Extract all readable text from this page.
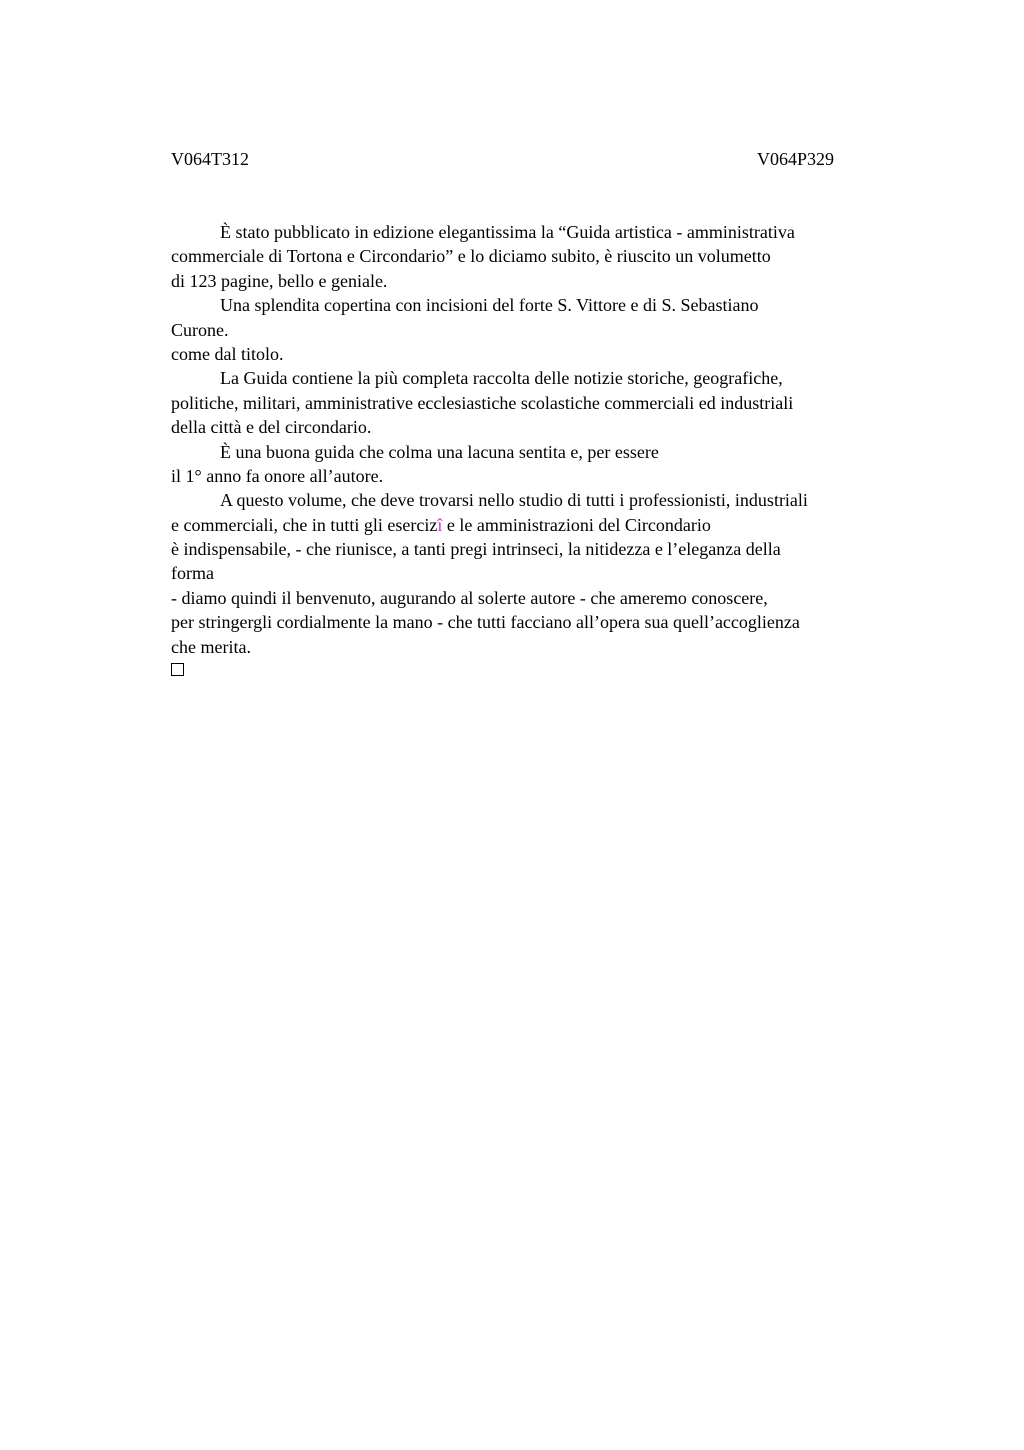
V064T312	V064P329
È stato pubblicato in edizione elegantissima la “Guida artistica - amministrativa
commerciale di Tortona e Circondario” e lo diciamo subito, è riuscito un volumetto
di 123 pagine, bello e geniale.
Una splendita copertina con incisioni del forte S. Vittore e di S. Sebastiano
Curone.
come dal titolo.
La Guida contiene la più completa raccolta delle notizie storiche, geografiche,
politiche, militari, amministrative ecclesiastiche scolastiche commerciali ed industriali
della città e del circondario.
È una buona guida che colma una lacuna sentita e, per essere
il 1° anno fa onore all’autore.
A questo volume, che deve trovarsi nello studio di tutti i professionisti, industriali
e commerciali, che in tutti gli esercizî e le amministrazioni del Circondario
è indispensabile, - che riunisce, a tanti pregi intrinseci, la nitidezza e l’eleganza della
forma
- diamo quindi il benvenuto, augurando al solerte autore - che ameremo conoscere,
per stringergli cordialmente la mano - che tutti facciano all’opera sua quell’accoglienza
che merita.
